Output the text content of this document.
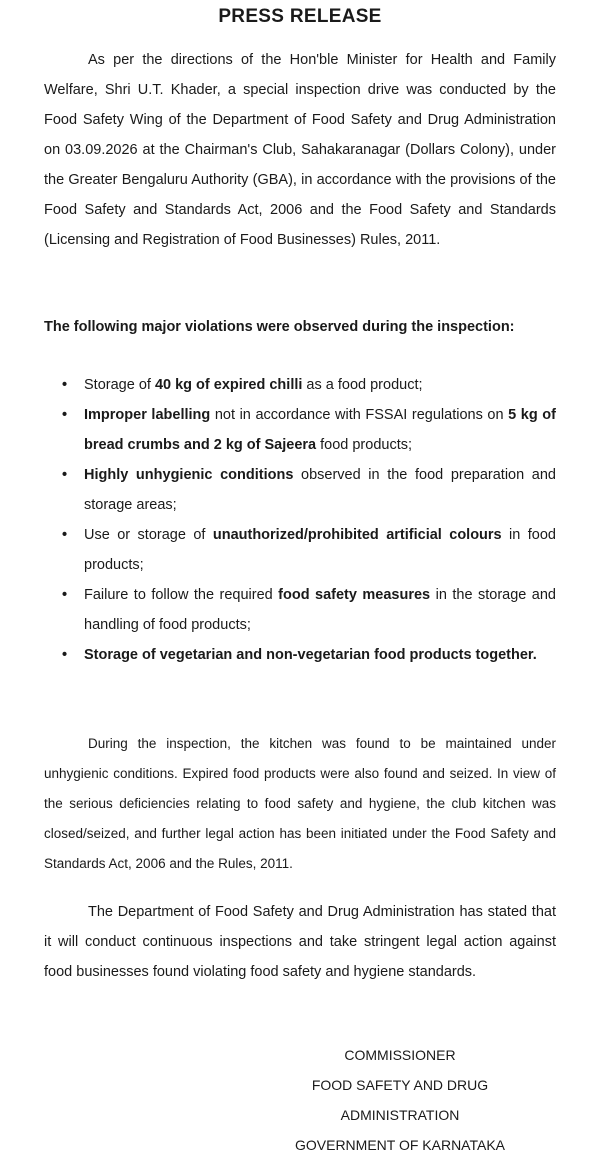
PRESS RELEASE

As per the directions of the Hon'ble Minister for Health and Family Welfare, Shri U.T. Khader, a special inspection drive was conducted by the Food Safety Wing of the Department of Food Safety and Drug Administration on 03.09.2026 at the Chairman's Club, Sahakaranagar (Dollars Colony), under the Greater Bengaluru Authority (GBA), in accordance with the provisions of the Food Safety and Standards Act, 2006 and the Food Safety and Standards (Licensing and Registration of Food Businesses) Rules, 2011.

The following major violations were observed during the inspection:
• Storage of 40 kg of expired chilli as a food product;
• Improper labelling not in accordance with FSSAI regulations on 5 kg of bread crumbs and 2 kg of Sajeera food products;
• Highly unhygienic conditions observed in the food preparation and storage areas;
• Use or storage of unauthorized/prohibited artificial colours in food products;
• Failure to follow the required food safety measures in the storage and handling of food products;
• Storage of vegetarian and non-vegetarian food products together.

During the inspection, the kitchen was found to be maintained under unhygienic conditions. Expired food products were also found and seized. In view of the serious deficiencies relating to food safety and hygiene, the club kitchen was closed/seized, and further legal action has been initiated under the Food Safety and Standards Act, 2006 and the Rules, 2011.

The Department of Food Safety and Drug Administration has stated that it will conduct continuous inspections and take stringent legal action against food businesses found violating food safety and hygiene standards.

COMMISSIONER
FOOD SAFETY AND DRUG
ADMINISTRATION
GOVERNMENT OF KARNATAKA
